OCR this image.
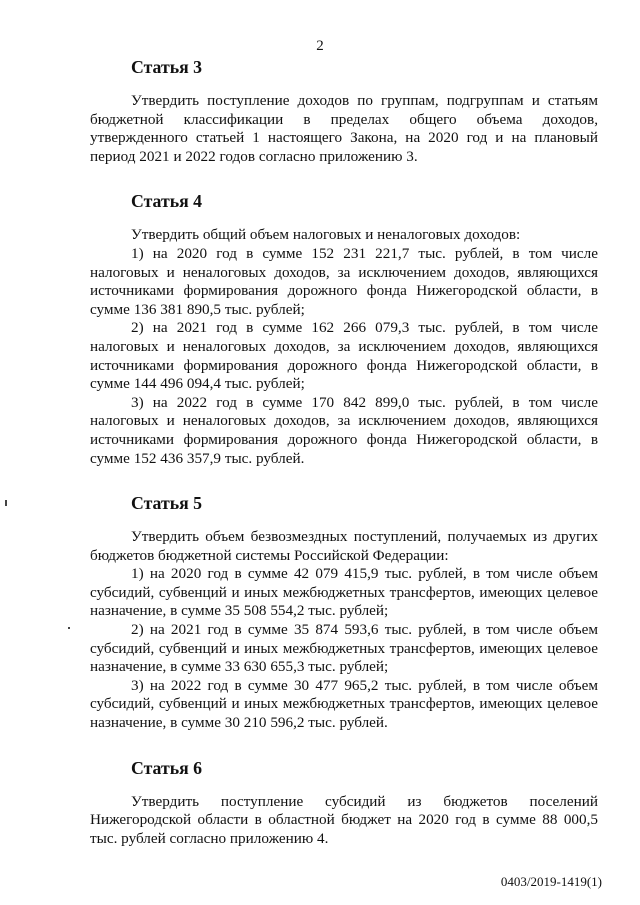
2
Статья 3

Утвердить поступление доходов по группам, подгруппам и статьям бюджетной классификации в пределах общего объема доходов, утвержденного статьей 1 настоящего Закона, на 2020 год и на плановый период 2021 и 2022 годов согласно приложению 3.

Статья 4

Утвердить общий объем налоговых и неналоговых доходов:

1) на 2020 год в сумме 152 231 221,7 тыс. рублей, в том числе налоговых и неналоговых доходов, за исключением доходов, являющихся источниками формирования дорожного фонда Нижегородской области, в сумме 136 381 890,5 тыс. рублей;

2) на 2021 год в сумме 162 266 079,3 тыс. рублей, в том числе налоговых и неналоговых доходов, за исключением доходов, являющихся источниками формирования дорожного фонда Нижегородской области, в сумме 144 496 094,4 тыс. рублей;

3) на 2022 год в сумме 170 842 899,0 тыс. рублей, в том числе налоговых и неналоговых доходов, за исключением доходов, являющихся источниками формирования дорожного фонда Нижегородской области, в сумме 152 436 357,9 тыс. рублей.

Статья 5

Утвердить объем безвозмездных поступлений, получаемых из других бюджетов бюджетной системы Российской Федерации:

1) на 2020 год в сумме 42 079 415,9 тыс. рублей, в том числе объем субсидий, субвенций и иных межбюджетных трансфертов, имеющих целевое назначение, в сумме 35 508 554,2 тыс. рублей;

2) на 2021 год в сумме 35 874 593,6 тыс. рублей, в том числе объем субсидий, субвенций и иных межбюджетных трансфертов, имеющих целевое назначение, в сумме 33 630 655,3 тыс. рублей;

3) на 2022 год в сумме 30 477 965,2 тыс. рублей, в том числе объем субсидий, субвенций и иных межбюджетных трансфертов, имеющих целевое назначение, в сумме 30 210 596,2 тыс. рублей.

Статья 6

Утвердить поступление субсидий из бюджетов поселений Нижегородской области в областной бюджет на 2020 год в сумме 88 000,5 тыс. рублей согласно приложению 4.

0403/2019-1419(1)
